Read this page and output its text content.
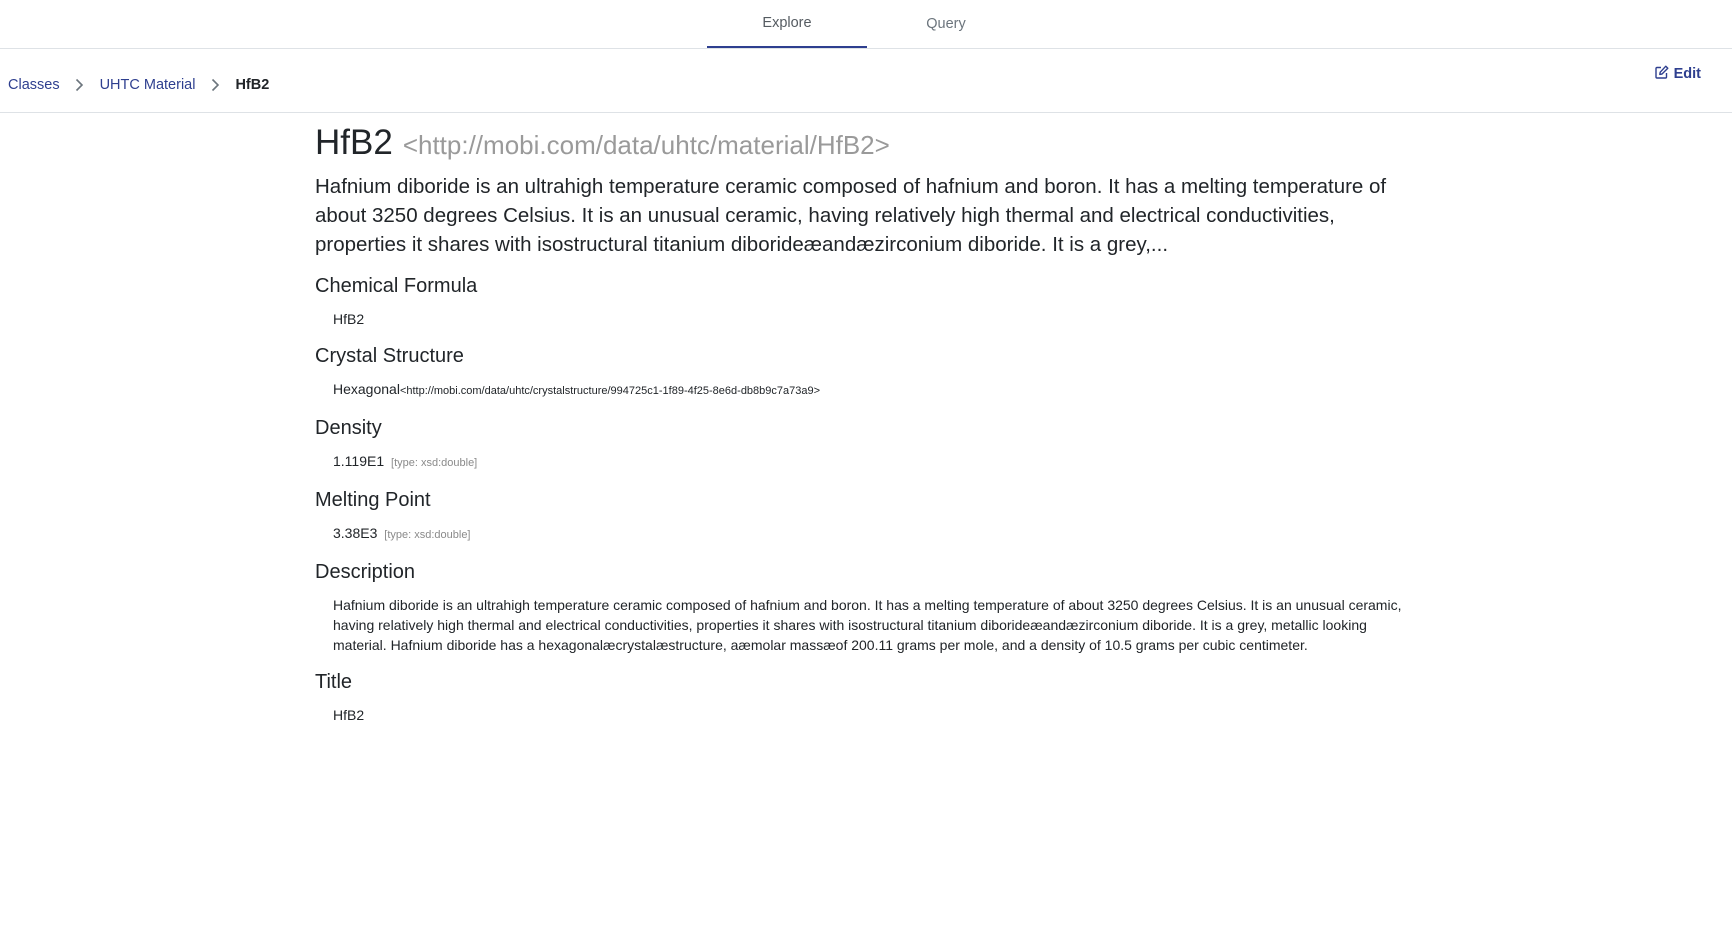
Explore	Query
Classes	UHTC Material	HfB2
Edit
HfB2 <http://mobi.com/data/uhtc/material/HfB2>

Hafnium diboride is an ultrahigh temperature ceramic composed of hafnium and boron. It has a melting temperature of about 3250 degrees Celsius. It is an unusual ceramic, having relatively high thermal and electrical conductivities, properties it shares with isostructural titanium diborideæandæzirconium diboride. It is a grey,...

Chemical Formula
HfB2
Crystal Structure
Hexagonal<http://mobi.com/data/uhtc/crystalstructure/994725c1-1f89-4f25-8e6d-db8b9c7a73a9>
Density
1.119E1 [type: xsd:double]
Melting Point
3.38E3 [type: xsd:double]
Description
Hafnium diboride is an ultrahigh temperature ceramic composed of hafnium and boron. It has a melting temperature of about 3250 degrees Celsius. It is an unusual ceramic, having relatively high thermal and electrical conductivities, properties it shares with isostructural titanium diborideæandæzirconium diboride. It is a grey, metallic looking material. Hafnium diboride has a hexagonalæcrystalæstructure, aæmolar massæof 200.11 grams per mole, and a density of 10.5 grams per cubic centimeter.
Title
HfB2
